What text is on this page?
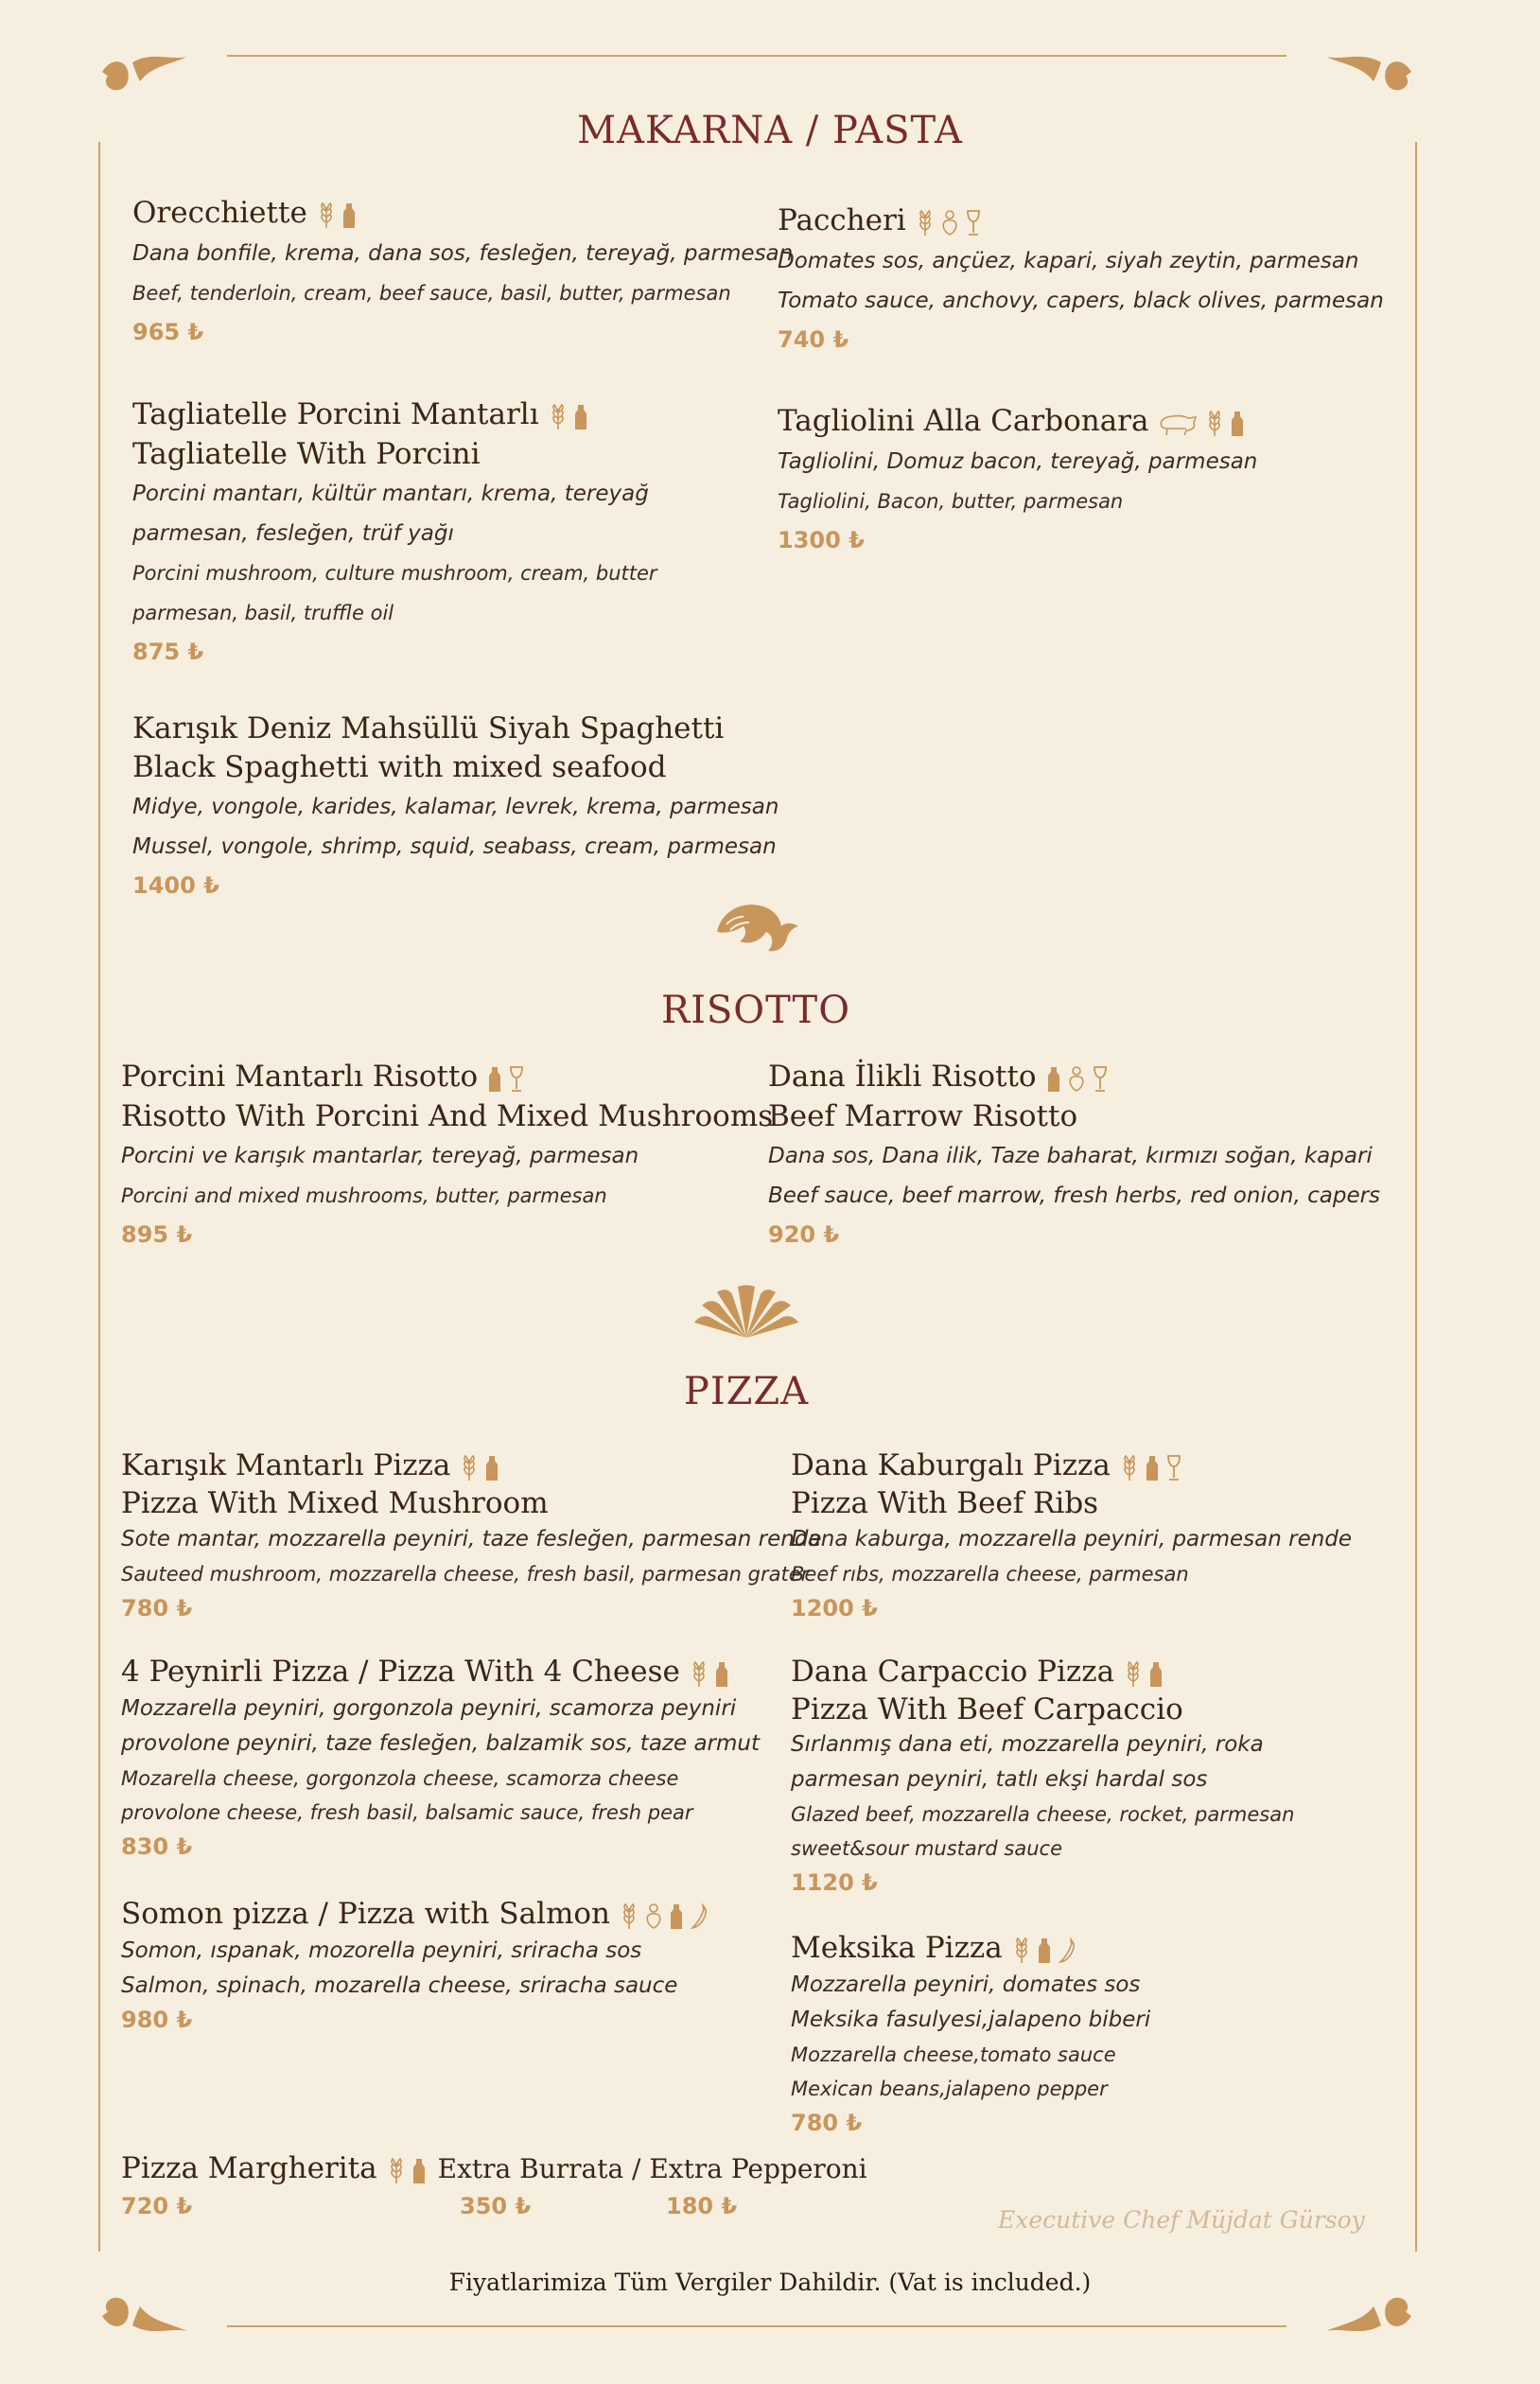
MAKARNA / PASTA
Orecchiette
Dana bonfile, krema, dana sos, fesleğen, tereyağ, parmesan
Beef, tenderloin, cream, beef sauce, basil, butter, parmesan
965 ₺
Paccheri
Domates sos, ançüez, kapari, siyah zeytin, parmesan
Tomato sauce, anchovy, capers, black olives, parmesan
740 ₺
Tagliatelle Porcini Mantarlı
Tagliatelle With Porcini
Porcini mantarı, kültür mantarı, krema, tereyağ
parmesan, fesleğen, trüf yağı
Porcini mushroom, culture mushroom, cream, butter
parmesan, basil, truffle oil
875 ₺
Tagliolini Alla Carbonara
Tagliolini, Domuz bacon, tereyağ, parmesan
Tagliolini, Bacon, butter, parmesan
1300 ₺
Karışık Deniz Mahsüllü Siyah Spaghetti
Black Spaghetti with mixed seafood
Midye, vongole, karides, kalamar, levrek, krema, parmesan
Mussel, vongole, shrimp, squid, seabass, cream, parmesan
1400 ₺
RISOTTO
Porcini Mantarlı Risotto
Risotto With Porcini And Mixed Mushrooms
Porcini ve karışık mantarlar, tereyağ, parmesan
Porcini and mixed mushrooms, butter, parmesan
895 ₺
Dana İlikli Risotto
Beef Marrow Risotto
Dana sos, Dana ilik, Taze baharat, kırmızı soğan, kapari
Beef sauce, beef marrow, fresh herbs, red onion, capers
920 ₺
PIZZA
Karışık Mantarlı Pizza
Pizza With Mixed Mushroom
Sote mantar, mozzarella peyniri, taze fesleğen, parmesan rende
Sauteed mushroom, mozzarella cheese, fresh basil, parmesan grater
780 ₺
Dana Kaburgalı Pizza
Pizza With Beef Ribs
Dana kaburga, mozzarella peyniri, parmesan rende
Beef rıbs, mozzarella cheese, parmesan
1200 ₺
4 Peynirli Pizza / Pizza With 4 Cheese
Mozzarella peyniri, gorgonzola peyniri, scamorza peyniri
provolone peyniri, taze fesleğen, balzamik sos, taze armut
Mozarella cheese, gorgonzola cheese, scamorza cheese
provolone cheese, fresh basil, balsamic sauce, fresh pear
830 ₺
Dana Carpaccio Pizza
Pizza With Beef Carpaccio
Sırlanmış dana eti, mozzarella peyniri, roka
parmesan peyniri, tatlı ekşi hardal sos
Glazed beef, mozzarella cheese, rocket, parmesan
sweet&sour mustard sauce
1120 ₺
Somon pizza / Pizza with Salmon
Somon, ıspanak, mozorella peyniri, sriracha sos
Salmon, spinach, mozarella cheese, sriracha sauce
980 ₺
Meksika Pizza
Mozzarella peyniri, domates sos
Meksika fasulyesi,jalapeno biberi
Mozzarella cheese,tomato sauce
Mexican beans,jalapeno pepper
780 ₺
Pizza Margherita Extra Burrata / Extra Pepperoni
720 ₺	350 ₺	180 ₺
Executive Chef Müjdat Gürsoy
Fiyatlarimiza Tüm Vergiler Dahildir. (Vat is included.)
